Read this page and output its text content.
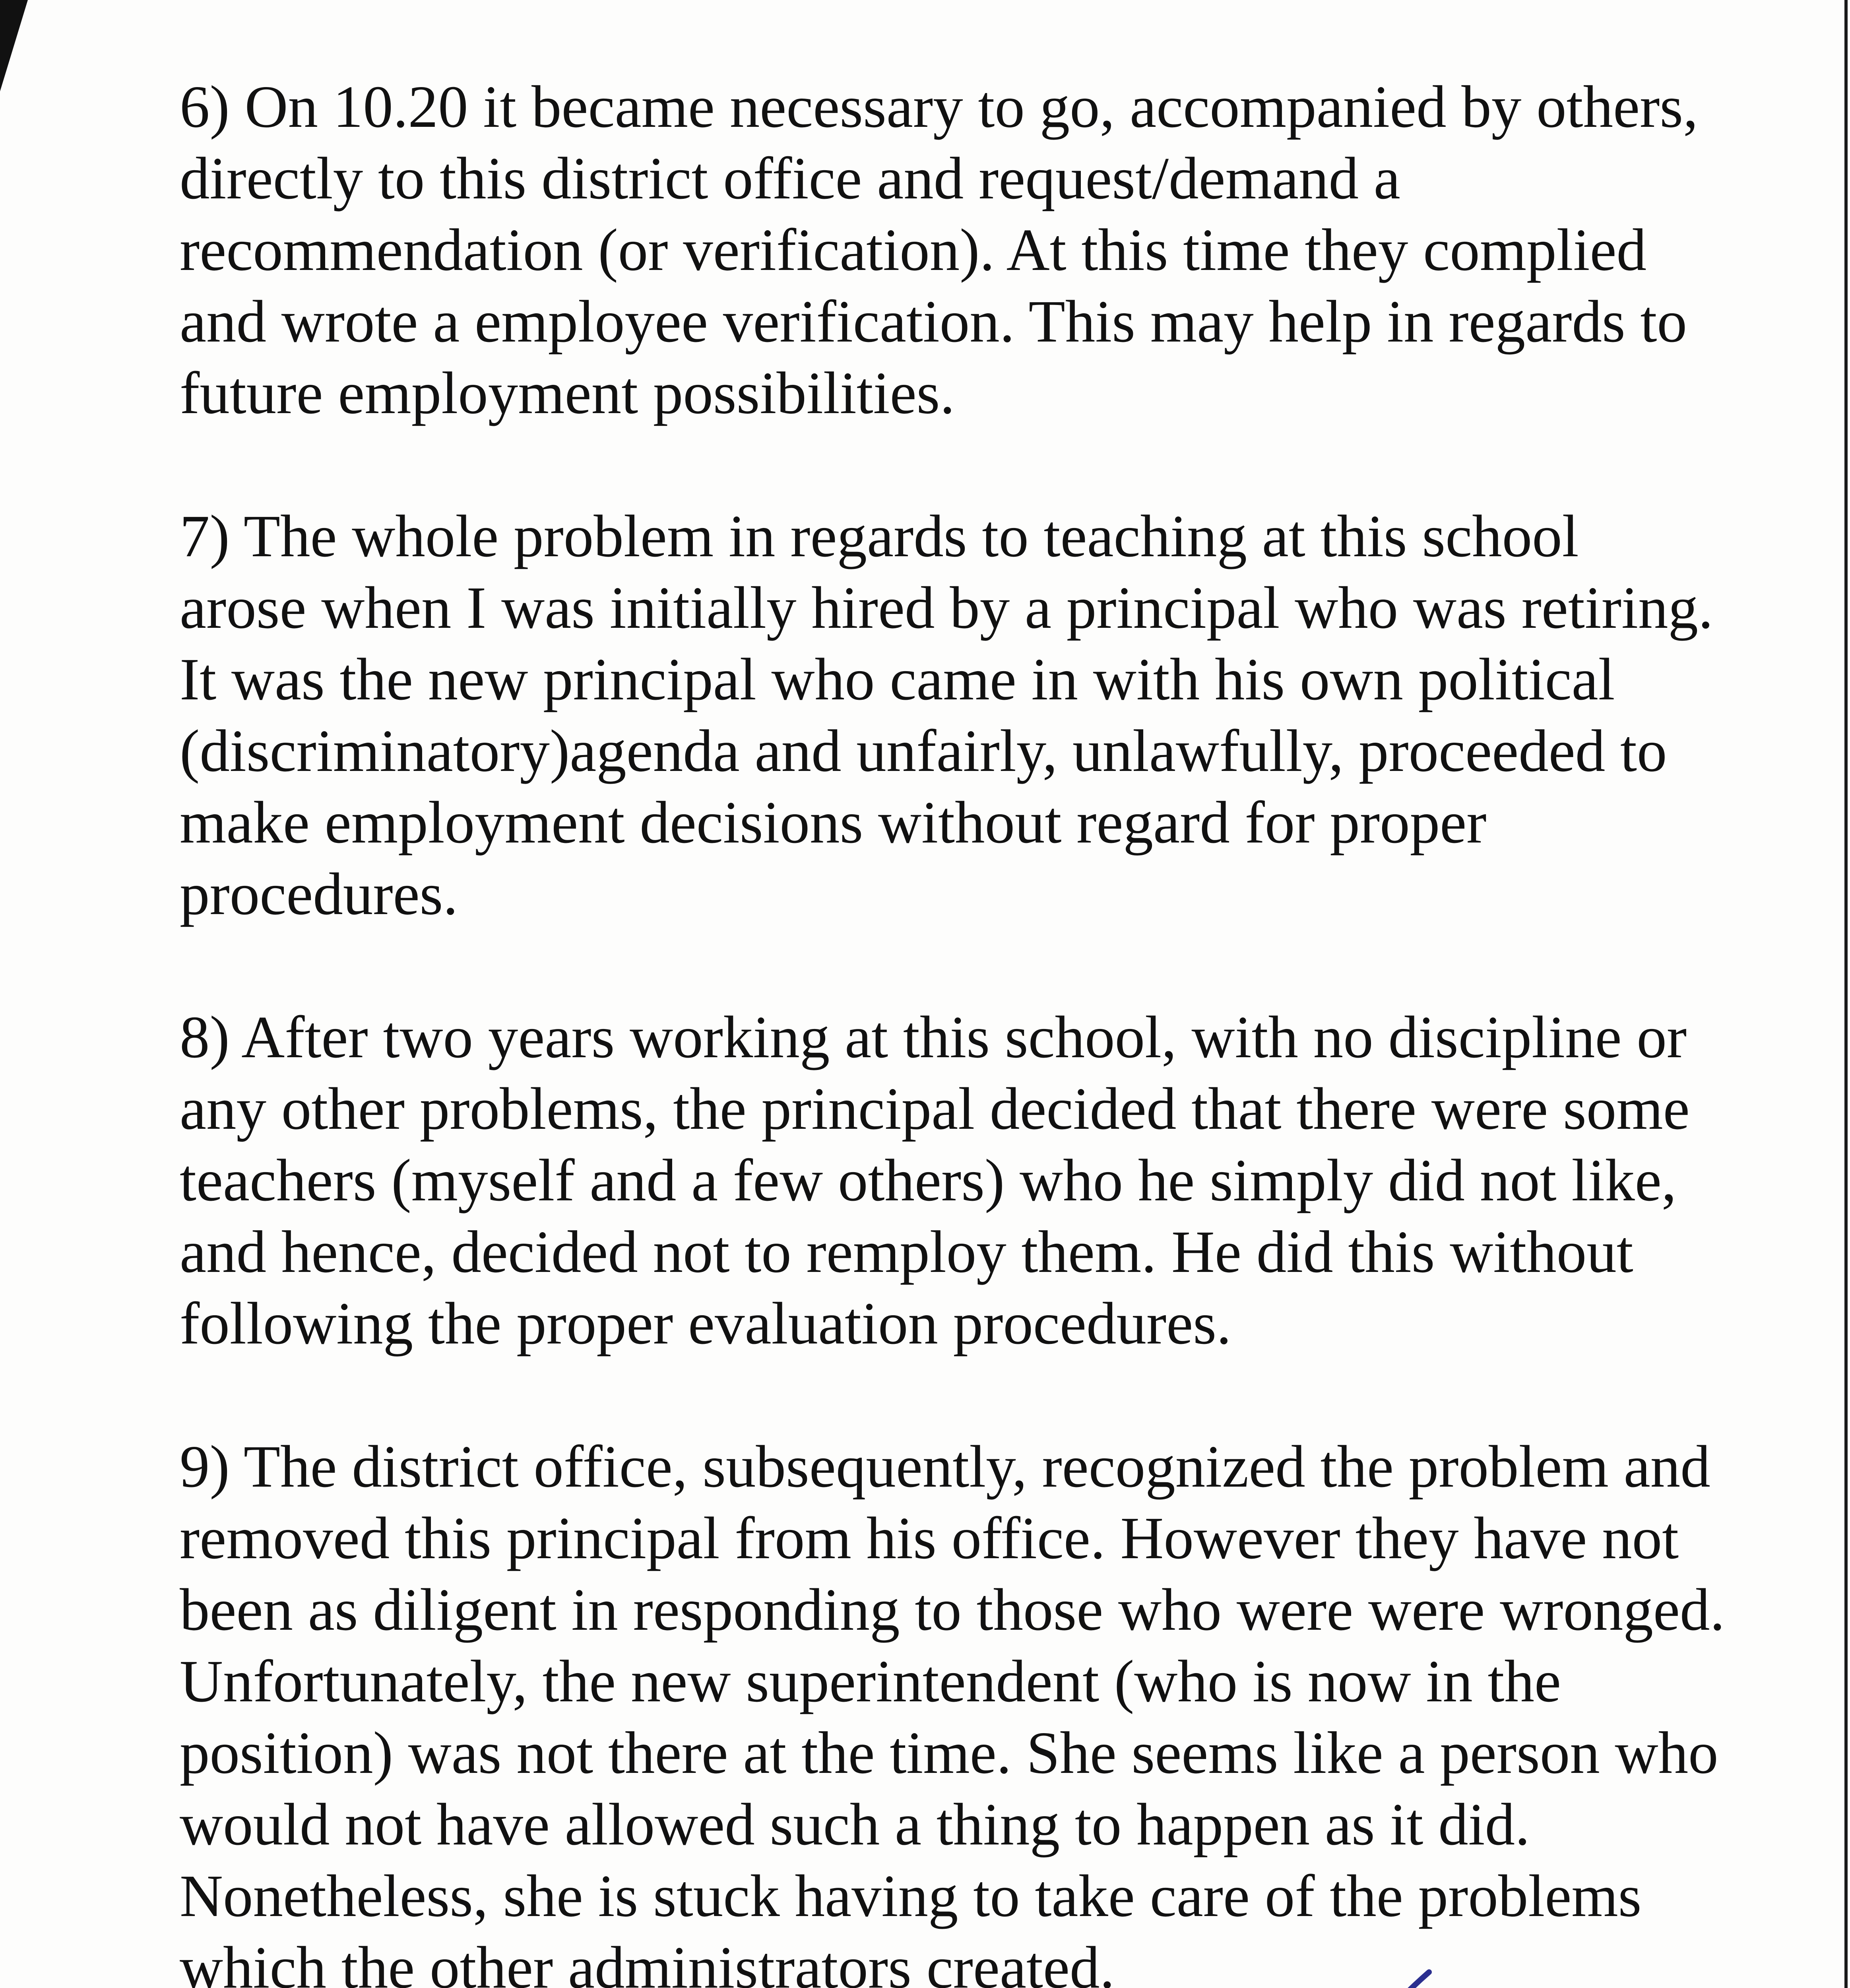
6) On 10.20 it became necessary to go, accompanied by others,
directly to this district office and request/demand a
recommendation (or verification). At this time they complied
and wrote a employee verification. This may help in regards to
future employment possibilities.
7) The whole problem in regards to teaching at this school
arose when I was initially hired by a principal who was retiring.
It was the new principal who came in with his own political
(discriminatory)agenda and unfairly, unlawfully, proceeded to
make employment decisions without regard for proper
procedures.
8) After two years working at this school, with no discipline or
any other problems, the principal decided that there were some
teachers (myself and a few others) who he simply did not like,
and hence, decided not to remploy them. He did this without
following the proper evaluation procedures.
9) The district office, subsequently, recognized the problem and
removed this principal from his office. However they have not
been as diligent in responding to those who were were wronged.
Unfortunately, the new superintendent (who is now in the
position) was not there at the time. She seems like a person who
would not have allowed such a thing to happen as it did.
Nonetheless, she is stuck having to take care of the problems
which the other administrators created.
